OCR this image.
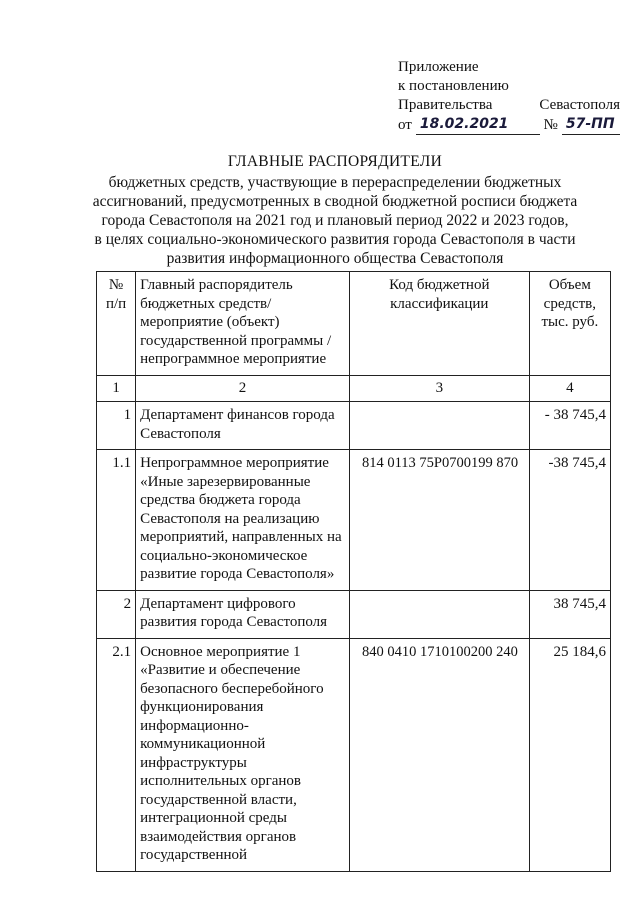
Приложение
к постановлению
Правительства	Севастополя
от 18.02.2021	№ 57-ПП
ГЛАВНЫЕ РАСПОРЯДИТЕЛИ
бюджетных средств, участвующие в перераспределении бюджетных
ассигнований, предусмотренных в сводной бюджетной росписи бюджета
города Севастополя на 2021 год и плановый период 2022 и 2023 годов,
в целях социально-экономического развития города Севастополя в части
развития информационного общества Севастополя
№ п/п	Главный распорядитель бюджетных средств/ мероприятие (объект) государственной программы / непрограммное мероприятие	Код бюджетной классификации	Объем средств, тыс. руб.
1	2	3	4
1	Департамент финансов города Севастополя		- 38 745,4
1.1	Непрограммное мероприятие «Иные зарезервированные средства бюджета города Севастополя на реализацию мероприятий, направленных на социально-экономическое развитие города Севастополя»	814 0113 75Р0700199 870	-38 745,4
2	Департамент цифрового развития города Севастополя		38 745,4
2.1	Основное мероприятие 1 «Развитие и обеспечение безопасного бесперебойного функционирования информационно-коммуникационной инфраструктуры исполнительных органов государственной власти, интеграционной среды взаимодействия органов государственной	840 0410 1710100200 240	25 184,6
